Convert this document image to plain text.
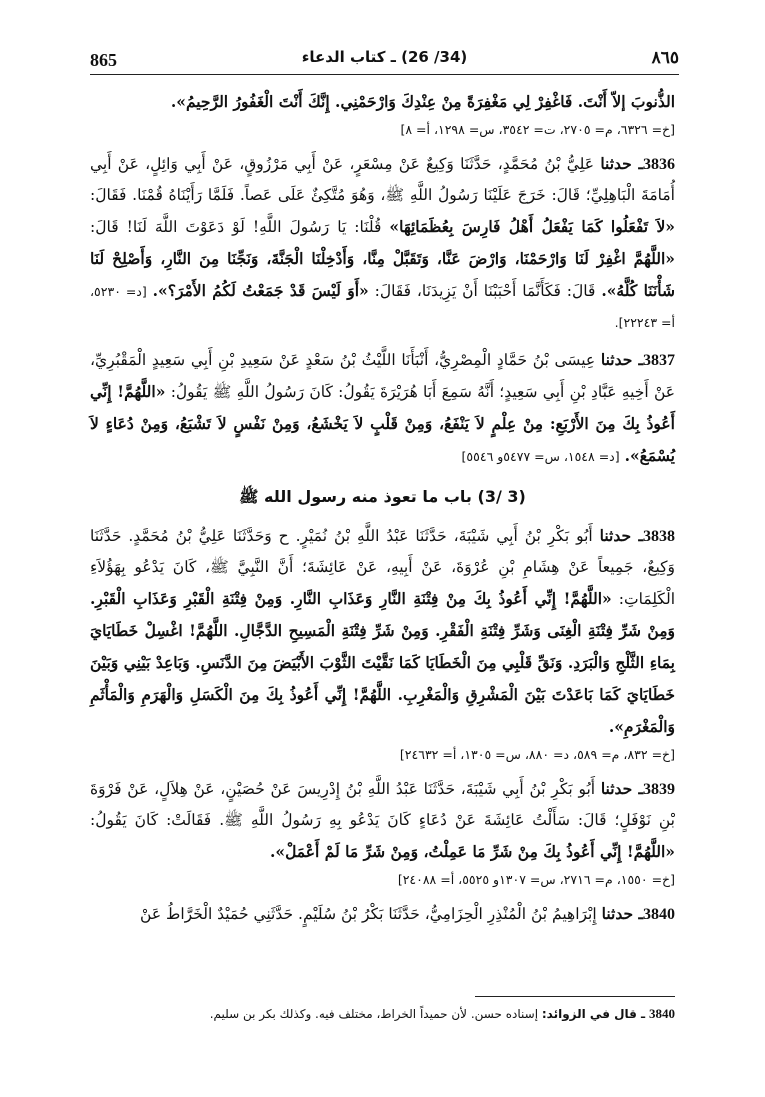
865	(34/ 26) ـ كتاب الدعاء	٨٦٥

الذُّنوبَ إلاّ أَنْتَ. فَاغْفِرْ لِي مَغْفِرَةً مِنْ عِنْدِكَ وَارْحَمْنِي. إِنَّكَ أَنْتَ الْغَفُورُ الرَّحِيمُ».

[خ= ٦٣٢٦، م= ٢٧٠٥، ت= ٣٥٤٢، س= ١٢٩٨، أ= ٨]

3836ـ حدثنا عَلِيُّ بْنُ مُحَمَّدٍ، حَدَّثَنَا وَكِيعٌ عَنْ مِسْعَرٍ، عَنْ أَبِي مَرْزُوقٍ، عَنْ أَبِي وَائِلٍ، عَنْ أَبِي أُمَامَةَ الْبَاهِلِيِّ؛ قَالَ: خَرَجَ عَلَيْنَا رَسُولُ اللَّهِ ﷺ، وَهُوَ مُتَّكِئٌ عَلَى عَصاً. فَلَمَّا رَأَيْنَاهُ قُمْنَا. فَقَالَ: «لاَ تَفْعَلُوا كَمَا يَفْعَلُ أَهْلُ فَارِسَ بِعُظَمَائِهَا» قُلْنَا: يَا رَسُولَ اللَّهِ! لَوْ دَعَوْتَ اللَّهَ لَنَا! قَالَ: «اللَّهُمَّ اغْفِرْ لَنَا وَارْحَمْنَا، وَارْضَ عَنَّا، وَتَقَبَّلْ مِنَّا، وَأَدْخِلْنَا الْجَنَّةَ، وَنَجِّنَا مِنَ النَّارِ، وَأَصْلِحْ لَنَا شَأْنَنَا كُلَّهُ». قَالَ: فَكَأَنَّمَا أَحْبَبْنَا أَنْ يَزِيدَنَا، فَقَالَ: «أَوَ لَيْسَ قَدْ جَمَعْتُ لَكُمُ الأَمْرَ؟». [د= ٥٢٣٠، أ= ٢٢٢٤٣].

3837ـ حدثنا عِيسَى بْنُ حَمَّادٍ الْمِصْرِيُّ، أَنْبَأَنَا اللَّيْثُ بْنُ سَعْدٍ عَنْ سَعِيدِ بْنِ أَبِي سَعِيدٍ الْمَقْبُرِيِّ، عَنْ أَخِيهِ عَبَّادِ بْنِ أَبِي سَعِيدٍ؛ أَنَّهُ سَمِعَ أَبَا هُرَيْرَةَ يَقُولُ: كَانَ رَسُولُ اللَّهِ ﷺ يَقُولُ: «اللَّهُمَّ! إِنِّي أَعُوذُ بِكَ مِنَ الأَرْبَعِ: مِنْ عِلْمٍ لاَ يَنْفَعُ، وَمِنْ قَلْبٍ لاَ يَخْشَعُ، وَمِنْ نَفْسٍ لاَ تَشْبَعُ، وَمِنْ دُعَاءٍ لاَ يُسْمَعُ». [د= ١٥٤٨، س= ٥٤٧٧و ٥٥٤٦]

(3 /3) باب ما تعوذ منه رسول الله ﷺ

3838ـ حدثنا أَبُو بَكْرِ بْنُ أَبِي شَيْبَةَ، حَدَّثَنَا عَبْدُ اللَّهِ بْنُ نُمَيْرٍ. ح وَحَدَّثَنَا عَلِيُّ بْنُ مُحَمَّدٍ. حَدَّثَنَا وَكِيعٌ، جَمِيعاً عَنْ هِشَامِ بْنِ عُرْوَةَ، عَنْ أَبِيهِ، عَنْ عَائِشَةَ؛ أَنَّ النَّبِيَّ ﷺ، كَانَ يَدْعُو بِهَؤُلاَءِ الْكَلِمَاتِ: «اللَّهُمَّ! إِنِّي أَعُوذُ بِكَ مِنْ فِتْنَةِ النَّارِ وَعَذَابِ النَّارِ. وَمِنْ فِتْنَةِ الْقَبْرِ وَعَذَابِ الْقَبْرِ. وَمِنْ شَرِّ فِتْنَةِ الْغِنَى وَشَرِّ فِتْنَةِ الْفَقْرِ. وَمِنْ شَرِّ فِتْنَةِ الْمَسِيحِ الدَّجَّالِ. اللَّهُمَّ! اغْسِلْ خَطَايَايَ بِمَاءِ الثَّلْجِ وَالْبَرَدِ. وَنَقِّ قَلْبِي مِنَ الْخَطَايَا كَمَا نَقَّيْتَ الثَّوْبَ الأَبْيَضَ مِنَ الدَّنَسِ. وَبَاعِدْ بَيْنِي وَبَيْنَ خَطَايَايَ كَمَا بَاعَدْتَ بَيْنَ الْمَشْرِقِ وَالْمَغْرِبِ. اللَّهُمَّ! إِنِّي أَعُوذُ بِكَ مِنَ الْكَسَلِ وَالْهَرَمِ وَالْمَأْثَمِ وَالْمَغْرَمِ».

[خ= ٨٣٢، م= ٥٨٩، د= ٨٨٠، س= ١٣٠٥، أ= ٢٤٦٣٢]

3839ـ حدثنا أَبُو بَكْرِ بْنُ أَبِي شَيْبَةَ، حَدَّثَنَا عَبْدُ اللَّهِ بْنُ إِدْرِيسَ عَنْ حُصَيْنٍ، عَنْ هِلاَلٍ، عَنْ فَرْوَةَ بْنِ نَوْفَلٍ؛ قَالَ: سَأَلْتُ عَائِشَةَ عَنْ دُعَاءٍ كَانَ يَدْعُو بِهِ رَسُولُ اللَّهِ ﷺ. فَقَالَتْ: كَانَ يَقُولُ: «اللَّهُمَّ! إِنِّي أَعُوذُ بِكَ مِنْ شَرِّ مَا عَمِلْتُ، وَمِنْ شَرِّ مَا لَمْ أَعْمَلْ».

[خ= ١٥٥٠، م= ٢٧١٦، س= ١٣٠٧و ٥٥٢٥، أ= ٢٤٠٨٨]

3840ـ حدثنا إِبْرَاهِيمُ بْنُ الْمُنْذِرِ الْحِزَامِيُّ، حَدَّثَنَا بَكْرُ بْنُ سُلَيْمٍ. حَدَّثَنِي حُمَيْدٌ الْخَرَّاطُ عَنْ

3840 ـ قال في الزوائد: إسناده حسن. لأن حميداً الخراط، مختلف فيه. وكذلك بكر بن سليم.
